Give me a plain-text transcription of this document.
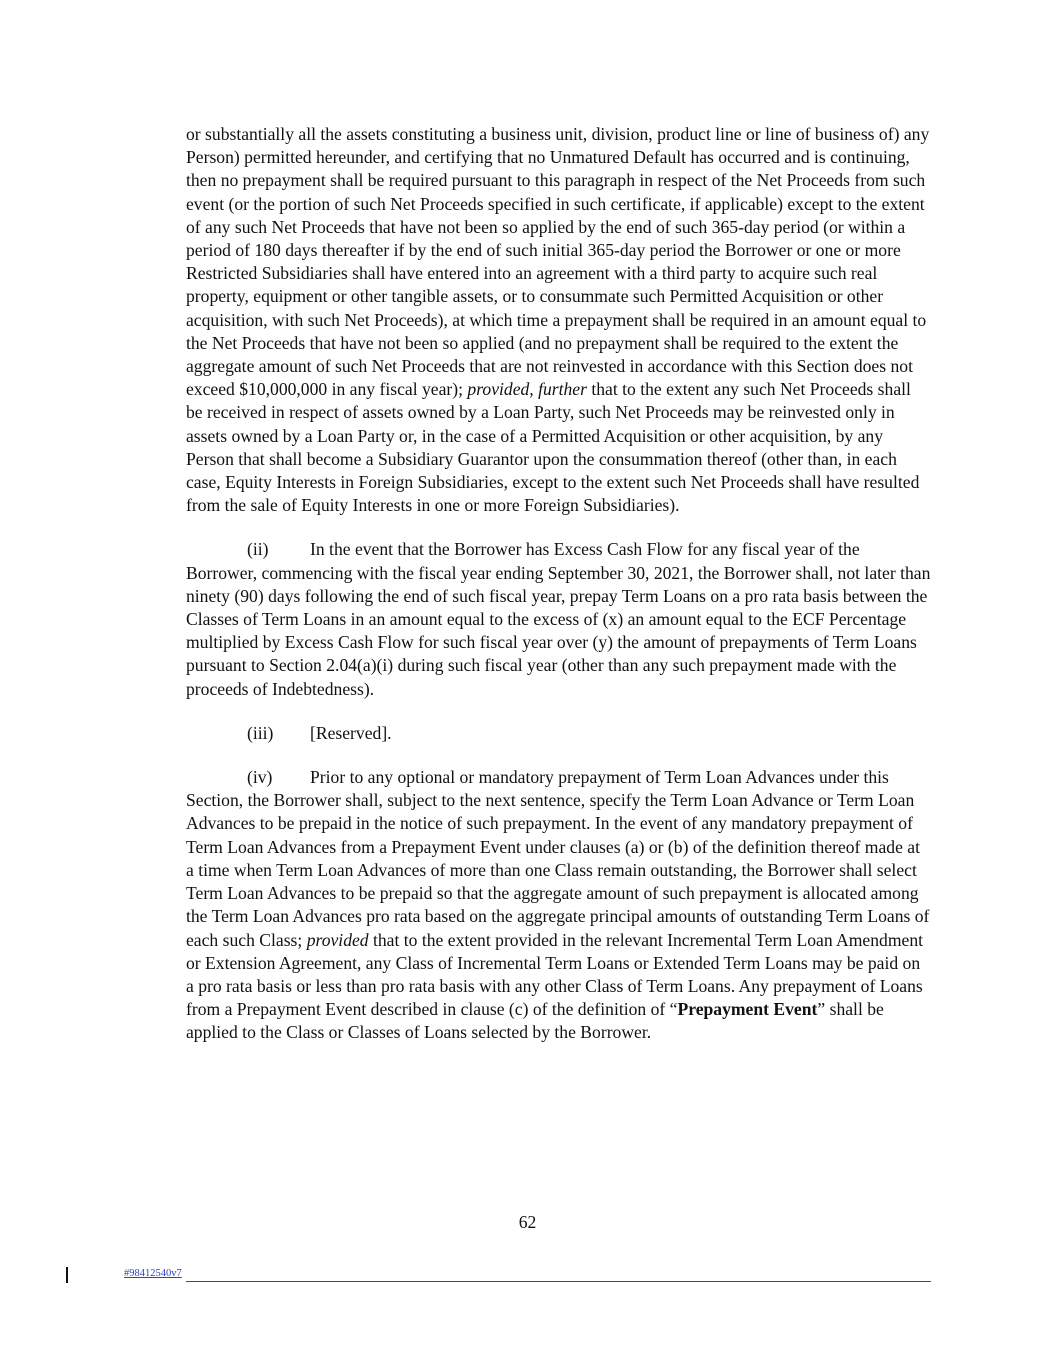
or substantially all the assets constituting a business unit, division, product line or line of business of) any Person) permitted hereunder, and certifying that no Unmatured Default has occurred and is continuing, then no prepayment shall be required pursuant to this paragraph in respect of the Net Proceeds from such event (or the portion of such Net Proceeds specified in such certificate, if applicable) except to the extent of any such Net Proceeds that have not been so applied by the end of such 365-day period (or within a period of 180 days thereafter if by the end of such initial 365-day period the Borrower or one or more Restricted Subsidiaries shall have entered into an agreement with a third party to acquire such real property, equipment or other tangible assets, or to consummate such Permitted Acquisition or other acquisition, with such Net Proceeds), at which time a prepayment shall be required in an amount equal to the Net Proceeds that have not been so applied (and no prepayment shall be required to the extent the aggregate amount of such Net Proceeds that are not reinvested in accordance with this Section does not exceed $10,000,000 in any fiscal year); provided, further that to the extent any such Net Proceeds shall be received in respect of assets owned by a Loan Party, such Net Proceeds may be reinvested only in assets owned by a Loan Party or, in the case of a Permitted Acquisition or other acquisition, by any Person that shall become a Subsidiary Guarantor upon the consummation thereof (other than, in each case, Equity Interests in Foreign Subsidiaries, except to the extent such Net Proceeds shall have resulted from the sale of Equity Interests in one or more Foreign Subsidiaries).

(ii) In the event that the Borrower has Excess Cash Flow for any fiscal year of the Borrower, commencing with the fiscal year ending September 30, 2021, the Borrower shall, not later than ninety (90) days following the end of such fiscal year, prepay Term Loans on a pro rata basis between the Classes of Term Loans in an amount equal to the excess of (x) an amount equal to the ECF Percentage multiplied by Excess Cash Flow for such fiscal year over (y) the amount of prepayments of Term Loans pursuant to Section 2.04(a)(i) during such fiscal year (other than any such prepayment made with the proceeds of Indebtedness).

(iii) [Reserved].

(iv) Prior to any optional or mandatory prepayment of Term Loan Advances under this Section, the Borrower shall, subject to the next sentence, specify the Term Loan Advance or Term Loan Advances to be prepaid in the notice of such prepayment. In the event of any mandatory prepayment of Term Loan Advances from a Prepayment Event under clauses (a) or (b) of the definition thereof made at a time when Term Loan Advances of more than one Class remain outstanding, the Borrower shall select Term Loan Advances to be prepaid so that the aggregate amount of such prepayment is allocated among the Term Loan Advances pro rata based on the aggregate principal amounts of outstanding Term Loans of each such Class; provided that to the extent provided in the relevant Incremental Term Loan Amendment or Extension Agreement, any Class of Incremental Term Loans or Extended Term Loans may be paid on a pro rata basis or less than pro rata basis with any other Class of Term Loans. Any prepayment of Loans from a Prepayment Event described in clause (c) of the definition of “Prepayment Event” shall be applied to the Class or Classes of Loans selected by the Borrower.

62
#98412540v7
